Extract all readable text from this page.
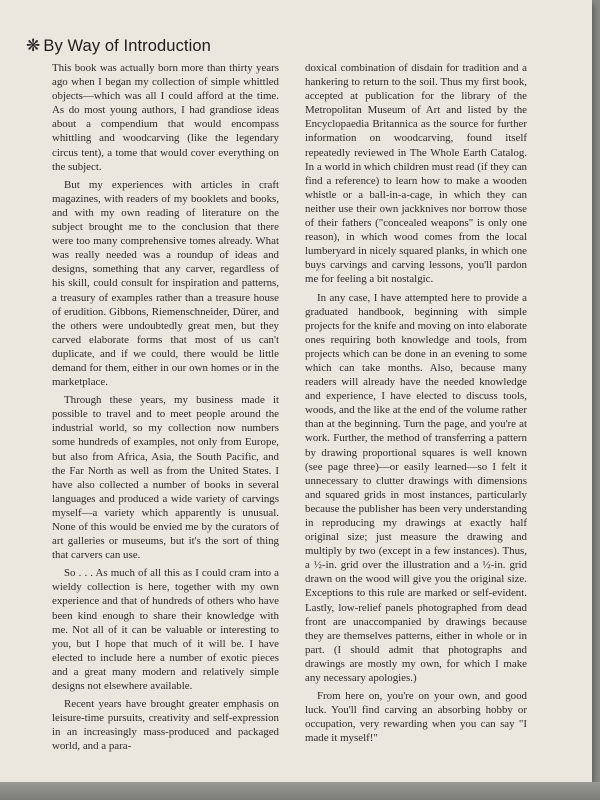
❋ By Way of Introduction

This book was actually born more than thirty years ago when I began my collection of simple whittled objects—which was all I could afford at the time. As do most young authors, I had grandiose ideas about a compendium that would encompass whittling and woodcarving (like the legendary circus tent), a tome that would cover everything on the subject.

But my experiences with articles in craft magazines, with readers of my booklets and books, and with my own reading of literature on the subject brought me to the conclusion that there were too many comprehensive tomes already. What was really needed was a roundup of ideas and designs, something that any carver, regardless of his skill, could consult for inspiration and patterns, a treasury of examples rather than a treasure house of erudition. Gibbons, Riemenschneider, Dürer, and the others were undoubtedly great men, but they carved elaborate forms that most of us can't duplicate, and if we could, there would be little demand for them, either in our own homes or in the marketplace.

Through these years, my business made it possible to travel and to meet people around the industrial world, so my collection now numbers some hundreds of examples, not only from Europe, but also from Africa, Asia, the South Pacific, and the Far North as well as from the United States. I have also collected a number of books in several languages and produced a wide variety of carvings myself—a variety which apparently is unusual. None of this would be envied me by the curators of art galleries or museums, but it's the sort of thing that carvers can use.

So . . . As much of all this as I could cram into a wieldy collection is here, together with my own experience and that of hundreds of others who have been kind enough to share their knowledge with me. Not all of it can be valuable or interesting to you, but I hope that much of it will be. I have elected to include here a number of exotic pieces and a great many modern and relatively simple designs not elsewhere available.

Recent years have brought greater emphasis on leisure-time pursuits, creativity and self-expression in an increasingly mass-produced and packaged world, and a para-

doxical combination of disdain for tradition and a hankering to return to the soil. Thus my first book, accepted at publication for the library of the Metropolitan Museum of Art and listed by the Encyclopaedia Britannica as the source for further information on woodcarving, found itself repeatedly reviewed in The Whole Earth Catalog. In a world in which children must read (if they can find a reference) to learn how to make a wooden whistle or a ball-in-a-cage, in which they can neither use their own jackknives nor borrow those of their fathers ("concealed weapons" is only one reason), in which wood comes from the local lumberyard in nicely squared planks, in which one buys carvings and carving lessons, you'll pardon me for feeling a bit nostalgic.

In any case, I have attempted here to provide a graduated handbook, beginning with simple projects for the knife and moving on into elaborate ones requiring both knowledge and tools, from projects which can be done in an evening to some which can take months. Also, because many readers will already have the needed knowledge and experience, I have elected to discuss tools, woods, and the like at the end of the volume rather than at the beginning. Turn the page, and you're at work. Further, the method of transferring a pattern by drawing proportional squares is well known (see page three)—or easily learned—so I felt it unnecessary to clutter drawings with dimensions and squared grids in most instances, particularly because the publisher has been very understanding in reproducing my drawings at exactly half original size; just measure the drawing and multiply by two (except in a few instances). Thus, a ½-in. grid over the illustration and a ½-in. grid drawn on the wood will give you the original size. Exceptions to this rule are marked or self-evident. Lastly, low-relief panels photographed from dead front are unaccompanied by drawings because they are themselves patterns, either in whole or in part. (I should admit that photographs and drawings are mostly my own, for which I make any necessary apologies.)

From here on, you're on your own, and good luck. You'll find carving an absorbing hobby or occupation, very rewarding when you can say "I made it myself!"
